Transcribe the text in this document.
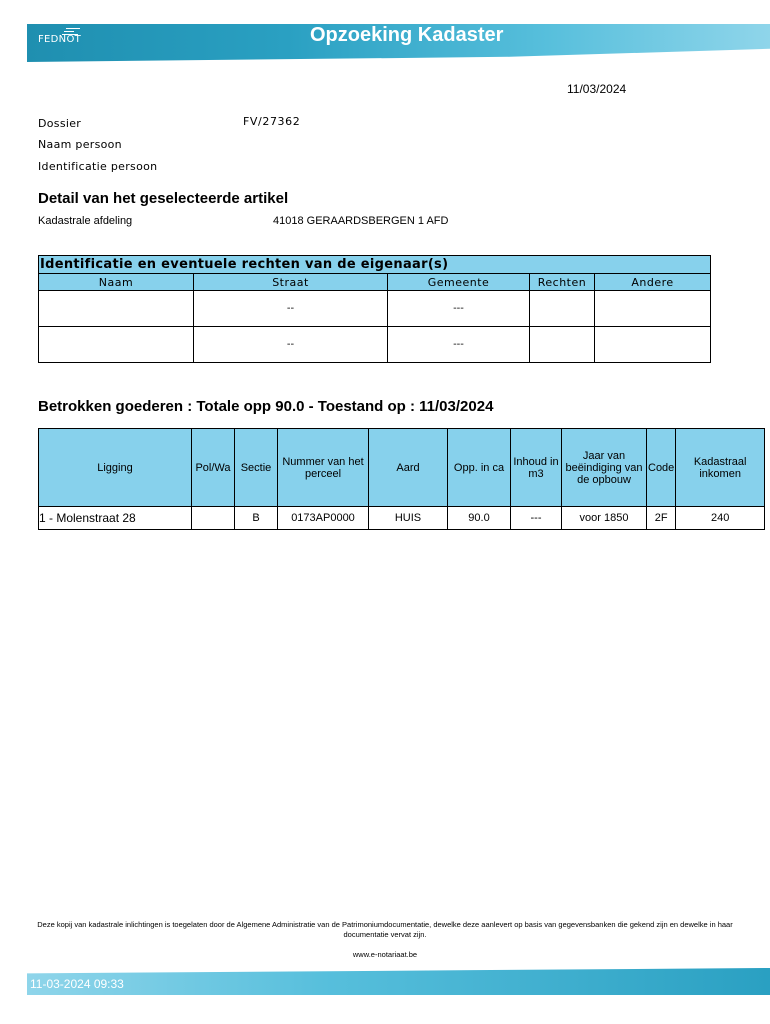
FEDNOT	Opzoeking Kadaster
11/03/2024
Dossier	FV/27362
Naam persoon
Identificatie persoon
Detail van het geselecteerde artikel
Kadastrale afdeling	41018 GERAARDSBERGEN 1 AFD
Identificatie en eventuele rechten van de eigenaar(s)				
Naam	Straat	Gemeente	Rechten	Andere
	--	---		
	--	---		
Betrokken goederen : Totale opp 90.0 - Toestand op : 11/03/2024
Ligging	Pol/Wa	Sectie	Nummer van het perceel	Aard	Opp. in ca	Inhoud in m3	Jaar van beëindiging van de opbouw	Code	Kadastraal inkomen
1 - Molenstraat 28		B	0173AP0000	HUIS	90.0	---	voor 1850	2F	240
Deze kopij van kadastrale inlichtingen is toegelaten door de Algemene Administratie van de Patrimoniumdocumentatie, dewelke deze aanlevert op basis van gegevensbanken die gekend zijn en dewelke in haar documentatie vervat zijn.
www.e-notariaat.be
11-03-2024 09:33
